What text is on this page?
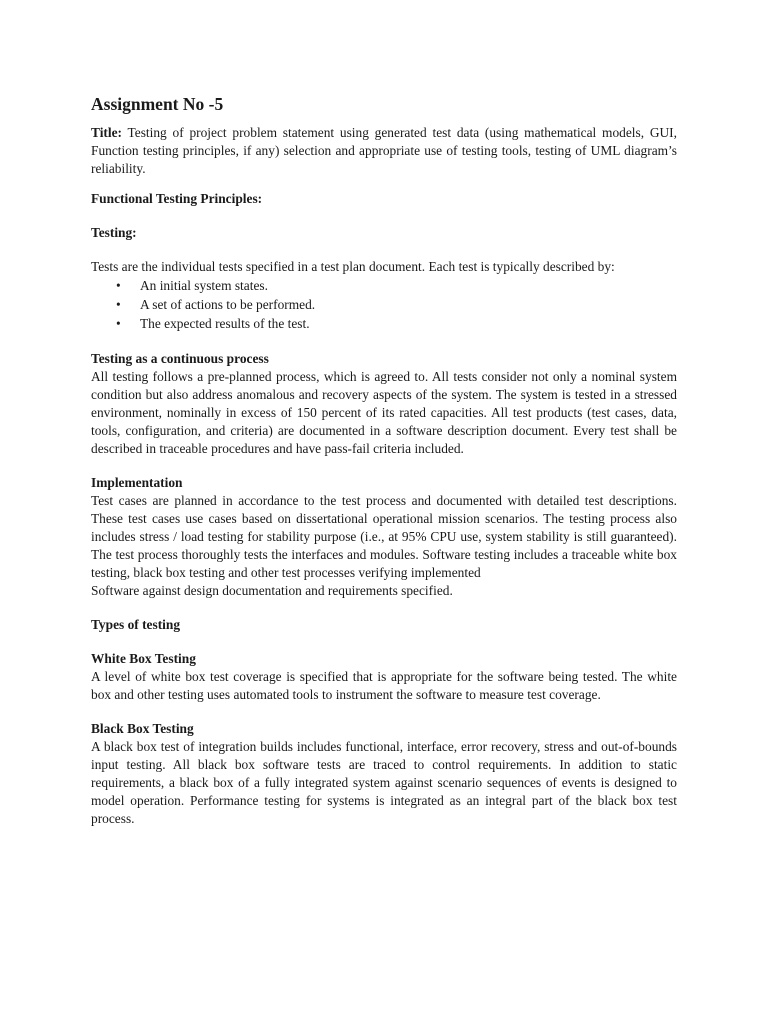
Assignment No -5

Title: Testing of project problem statement using generated test data (using mathematical models, GUI, Function testing principles, if any) selection and appropriate use of testing tools, testing of UML diagram’s reliability.

Functional Testing Principles:
Testing:

Tests are the individual tests specified in a test plan document. Each test is typically described by:

• An initial system states.
• A set of actions to be performed.
• The expected results of the test.
Testing as a continuous process

All testing follows a pre-planned process, which is agreed to. All tests consider not only a nominal system condition but also address anomalous and recovery aspects of the system. The system is tested in a stressed environment, nominally in excess of 150 percent of its rated capacities. All test products (test cases, data, tools, configuration, and criteria) are documented in a software description document. Every test shall be described in traceable procedures and have pass-fail criteria included.

Implementation

Test cases are planned in accordance to the test process and documented with detailed test descriptions. These test cases use cases based on dissertational operational mission scenarios. The testing process also includes stress / load testing for stability purpose (i.e., at 95% CPU use, system stability is still guaranteed). The test process thoroughly tests the interfaces and modules. Software testing includes a traceable white box testing, black box testing and other test processes verifying implemented

Software against design documentation and requirements specified.

Types of testing
White Box Testing

A level of white box test coverage is specified that is appropriate for the software being tested. The white box and other testing uses automated tools to instrument the software to measure test coverage.

Black Box Testing

A black box test of integration builds includes functional, interface, error recovery, stress and out-of-bounds input testing. All black box software tests are traced to control requirements. In addition to static requirements, a black box of a fully integrated system against scenario sequences of events is designed to model operation. Performance testing for systems is integrated as an integral part of the black box test process.
